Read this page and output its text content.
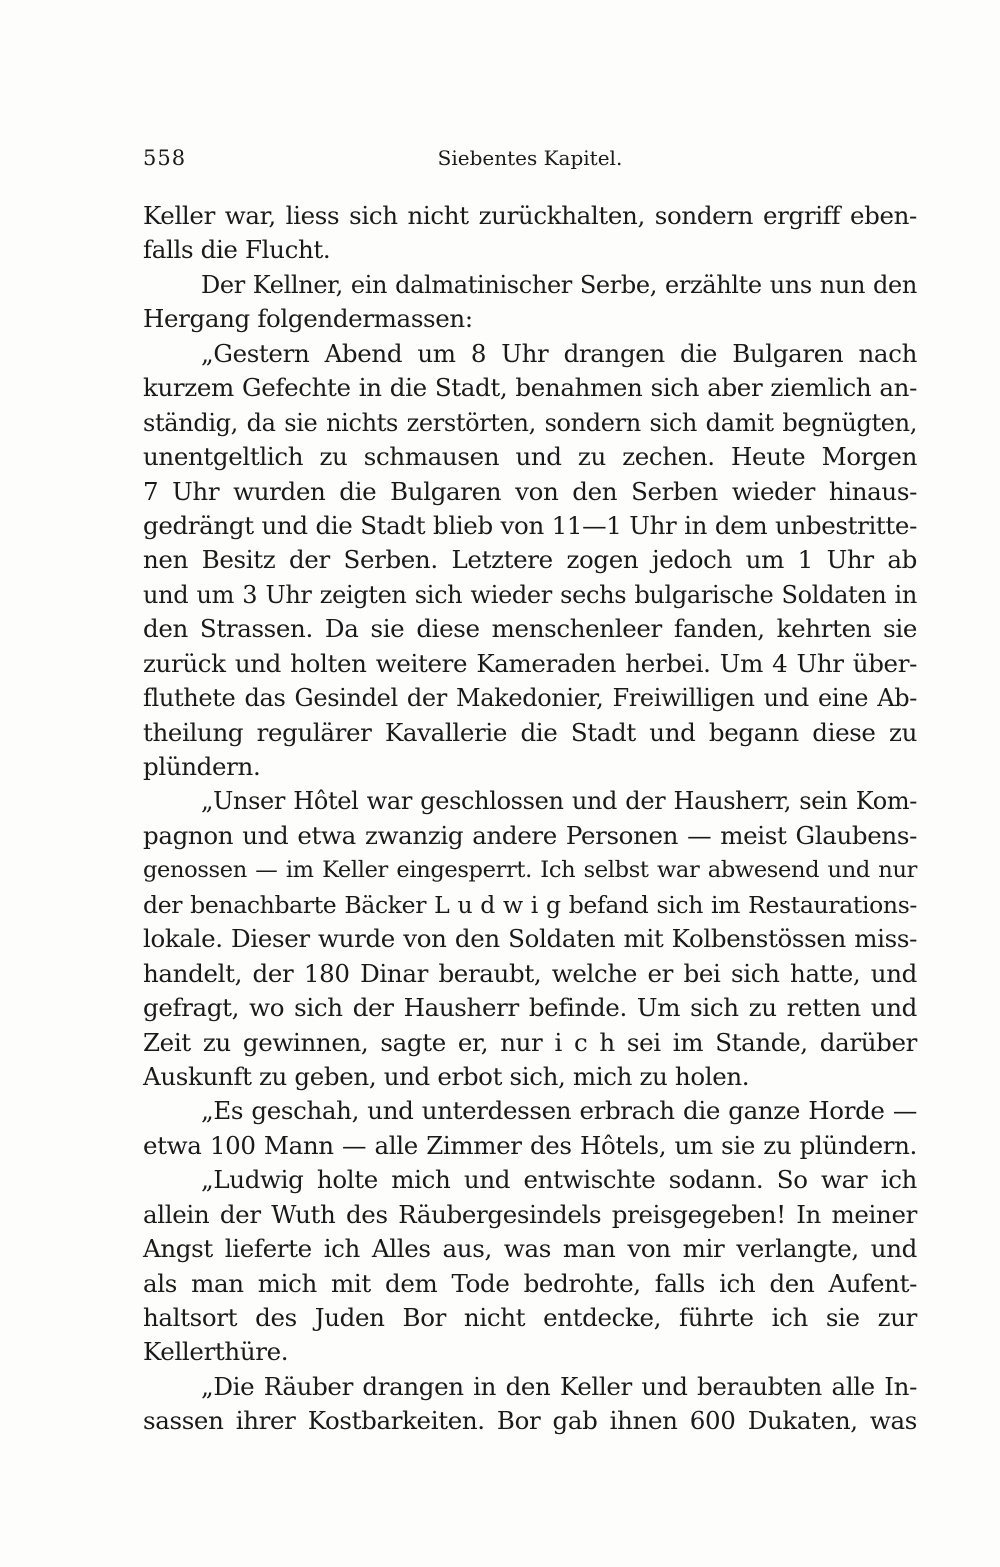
558	Siebentes Kapitel.
Keller war, liess sich nicht zurückhalten, sondern ergriff eben-
falls die Flucht.
Der Kellner, ein dalmatinischer Serbe, erzählte uns nun den
Hergang folgendermassen:
„Gestern Abend um 8 Uhr drangen die Bulgaren nach
kurzem Gefechte in die Stadt, benahmen sich aber ziemlich an-
ständig, da sie nichts zerstörten, sondern sich damit begnügten,
unentgeltlich zu schmausen und zu zechen. Heute Morgen
7 Uhr wurden die Bulgaren von den Serben wieder hinaus-
gedrängt und die Stadt blieb von 11—1 Uhr in dem unbestritte-
nen Besitz der Serben. Letztere zogen jedoch um 1 Uhr ab
und um 3 Uhr zeigten sich wieder sechs bulgarische Soldaten in
den Strassen. Da sie diese menschenleer fanden, kehrten sie
zurück und holten weitere Kameraden herbei. Um 4 Uhr über-
fluthete das Gesindel der Makedonier, Freiwilligen und eine Ab-
theilung regulärer Kavallerie die Stadt und begann diese zu
plündern.
„Unser Hôtel war geschlossen und der Hausherr, sein Kom-
pagnon und etwa zwanzig andere Personen — meist Glaubens-
genossen — im Keller eingesperrt. Ich selbst war abwesend und nur
der benachbarte Bäcker L u d w i g befand sich im Restaurations-
lokale. Dieser wurde von den Soldaten mit Kolbenstössen miss-
handelt, der 180 Dinar beraubt, welche er bei sich hatte, und
gefragt, wo sich der Hausherr befinde. Um sich zu retten und
Zeit zu gewinnen, sagte er, nur i c h sei im Stande, darüber
Auskunft zu geben, und erbot sich, mich zu holen.
„Es geschah, und unterdessen erbrach die ganze Horde —
etwa 100 Mann — alle Zimmer des Hôtels, um sie zu plündern.
„Ludwig holte mich und entwischte sodann. So war ich
allein der Wuth des Räubergesindels preisgegeben! In meiner
Angst lieferte ich Alles aus, was man von mir verlangte, und
als man mich mit dem Tode bedrohte, falls ich den Aufent-
haltsort des Juden Bor nicht entdecke, führte ich sie zur
Kellerthüre.
„Die Räuber drangen in den Keller und beraubten alle In-
sassen ihrer Kostbarkeiten. Bor gab ihnen 600 Dukaten, was
